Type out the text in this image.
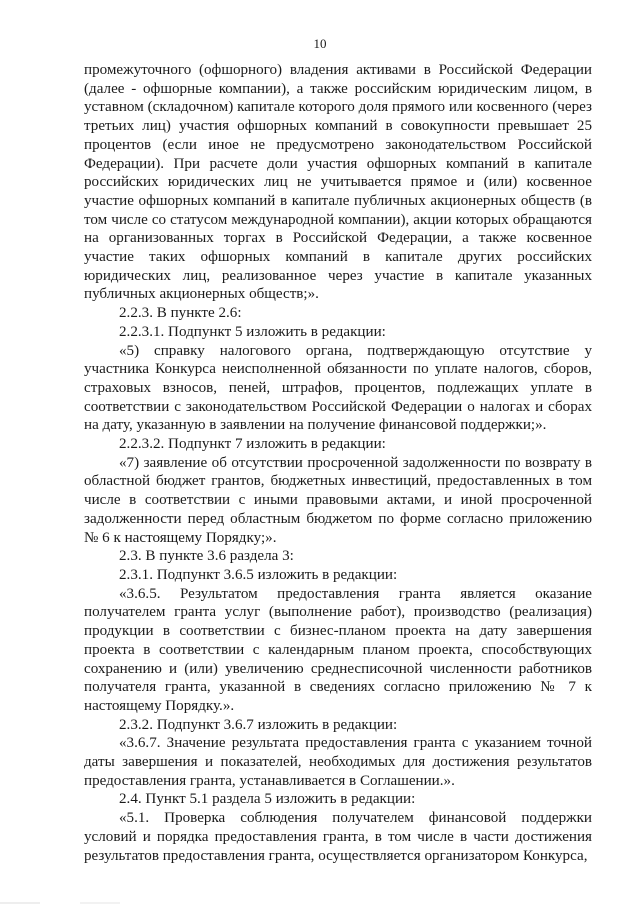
10

промежуточного (офшорного) владения активами в Российской Федерации (далее - офшорные компании), а также российским юридическим лицом, в уставном (складочном) капитале которого доля прямого или косвенного (через третьих лиц) участия офшорных компаний в совокупности превышает 25 процентов (если иное не предусмотрено законодательством Российской Федерации). При расчете доли участия офшорных компаний в капитале российских юридических лиц не учитывается прямое и (или) косвенное участие офшорных компаний в капитале публичных акционерных обществ (в том числе со статусом международной компании), акции которых обращаются на организованных торгах в Российской Федерации, а также косвенное участие таких офшорных компаний в капитале других российских юридических лиц, реализованное через участие в капитале указанных публичных акционерных обществ;».

2.2.3. В пункте 2.6:

2.2.3.1. Подпункт 5 изложить в редакции:

«5) справку налогового органа, подтверждающую отсутствие у участника Конкурса неисполненной обязанности по уплате налогов, сборов, страховых взносов, пеней, штрафов, процентов, подлежащих уплате в соответствии с законодательством Российской Федерации о налогах и сборах на дату, указанную в заявлении на получение финансовой поддержки;».

2.2.3.2. Подпункт 7 изложить в редакции:

«7) заявление об отсутствии просроченной задолженности по возврату в областной бюджет грантов, бюджетных инвестиций, предоставленных в том числе в соответствии с иными правовыми актами, и иной просроченной задолженности перед областным бюджетом по форме согласно приложению № 6 к настоящему Порядку;».

2.3. В пункте 3.6 раздела 3:

2.3.1. Подпункт 3.6.5 изложить в редакции:

«3.6.5. Результатом предоставления гранта является оказание получателем гранта услуг (выполнение работ), производство (реализация) продукции в соответствии с бизнес-планом проекта на дату завершения проекта в соответствии с календарным планом проекта, способствующих сохранению и (или) увеличению среднесписочной численности работников получателя гранта, указанной в сведениях согласно приложению № 7 к настоящему Порядку.».

2.3.2. Подпункт 3.6.7 изложить в редакции:

«3.6.7. Значение результата предоставления гранта с указанием точной даты завершения и показателей, необходимых для достижения результатов предоставления гранта, устанавливается в Соглашении.».

2.4. Пункт 5.1 раздела 5 изложить в редакции:

«5.1. Проверка соблюдения получателем финансовой поддержки условий и порядка предоставления гранта, в том числе в части достижения результатов предоставления гранта, осуществляется организатором Конкурса,
